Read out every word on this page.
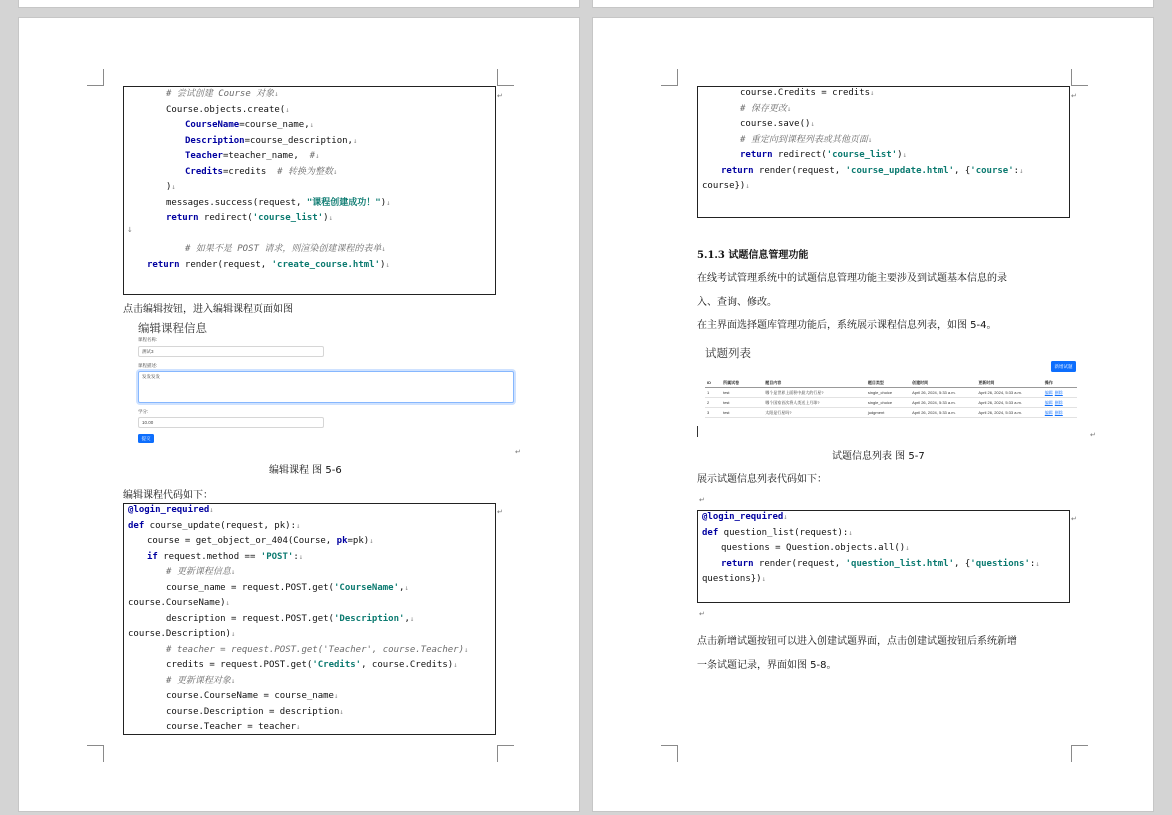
# 尝试创建 Course 对象↓
Course.objects.create(↓
CourseName=course_name,↓
Description=course_description,↓
Teacher=teacher_name,  #↓
Credits=credits  # 转换为整数↓
)↓
messages.success(request, "课程创建成功！")↓
return redirect('course_list')↓
# 如果不是 POST 请求，则渲染创建课程的表单↓
return render(request, 'create_course.html')↓
↵
↓
点击编辑按钮，进入编辑课程页面如图
编辑课程信息
课程名称:
测试3
课程描述:
发发发发
学分:
10.00
提交
↵
编辑课程 图 5-6
编辑课程代码如下：
@login_required↓
def course_update(request, pk):↓
course = get_object_or_404(Course, pk=pk)↓
if request.method == 'POST':↓
# 更新课程信息↓
course_name = request.POST.get('CourseName',↓
course.CourseName)↓
description = request.POST.get('Description',↓
course.Description)↓
# teacher = request.POST.get('Teacher', course.Teacher)↓
credits = request.POST.get('Credits', course.Credits)↓
# 更新课程对象↓
course.CourseName = course_name↓
course.Description = description↓
course.Teacher = teacher↓
↵
course.Credits = credits↓
# 保存更改↓
course.save()↓
# 重定向到课程列表或其他页面↓
return redirect('course_list')↓
return render(request, 'course_update.html', {'course':↓
course})↓
↵
5.1.3 试题信息管理功能
在线考试管理系统中的试题信息管理功能主要涉及到试题基本信息的录
入、查询、修改。
在主界面选择题库管理功能后，系统展示课程信息列表，如图 5-4。
试题列表
新增试题
ID	所属试卷	题目内容	题目类型	创建时间	更新时间	操作
1	test	哪个是世界上面积中最大的行星?	single_choice	April 26, 2024, 5:33 a.m.	April 26, 2024, 5:33 a.m.	编辑 删除
2	test	哪个国家首次将人类送上月球?	single_choice	April 26, 2024, 5:33 a.m.	April 26, 2024, 5:33 a.m.	编辑 删除
3	test	太阳是行星吗?	judgment	April 26, 2024, 5:33 a.m.	April 26, 2024, 5:33 a.m.	编辑 删除
↵
试题信息列表 图 5-7
展示试题信息列表代码如下：
↵
@login_required↓
def question_list(request):↓
questions = Question.objects.all()↓
return render(request, 'question_list.html', {'questions':↓
questions})↓
↵
↵
点击新增试题按钮可以进入创建试题界面，点击创建试题按钮后系统新增
一条试题记录，界面如图 5-8。
